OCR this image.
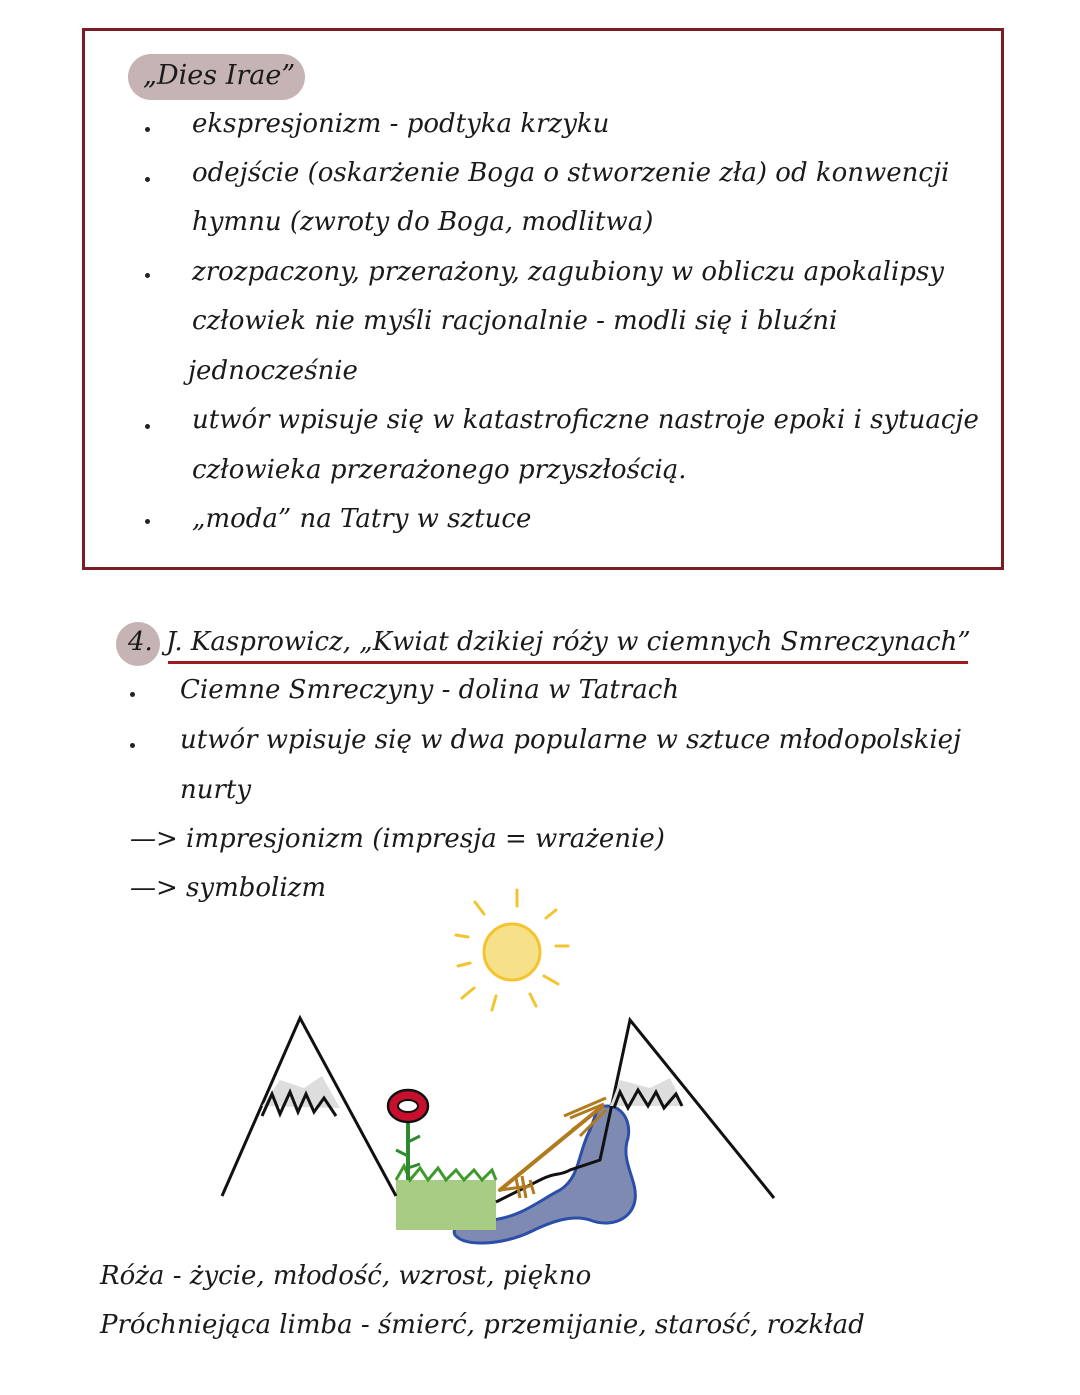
„Dies Irae”
ekspresjonizm - podtyka krzyku
odejście (oskarżenie Boga o stworzenie zła) od konwencji
hymnu (zwroty do Boga, modlitwa)
zrozpaczony, przerażony, zagubiony w obliczu apokalipsy
człowiek nie myśli racjonalnie - modli się i bluźni
jednocześnie
utwór wpisuje się w katastroficzne nastroje epoki i sytuacje
człowieka przerażonego przyszłością.
„moda” na Tatry w sztuce
4. J. Kasprowicz, „Kwiat dzikiej róży w ciemnych Smreczynach”
Ciemne Smreczyny - dolina w Tatrach
utwór wpisuje się w dwa popularne w sztuce młodopolskiej
nurty
—> impresjonizm (impresja = wrażenie)
—> symbolizm
Róża - życie, młodość, wzrost, piękno
Próchniejąca limba - śmierć, przemijanie, starość, rozkład
